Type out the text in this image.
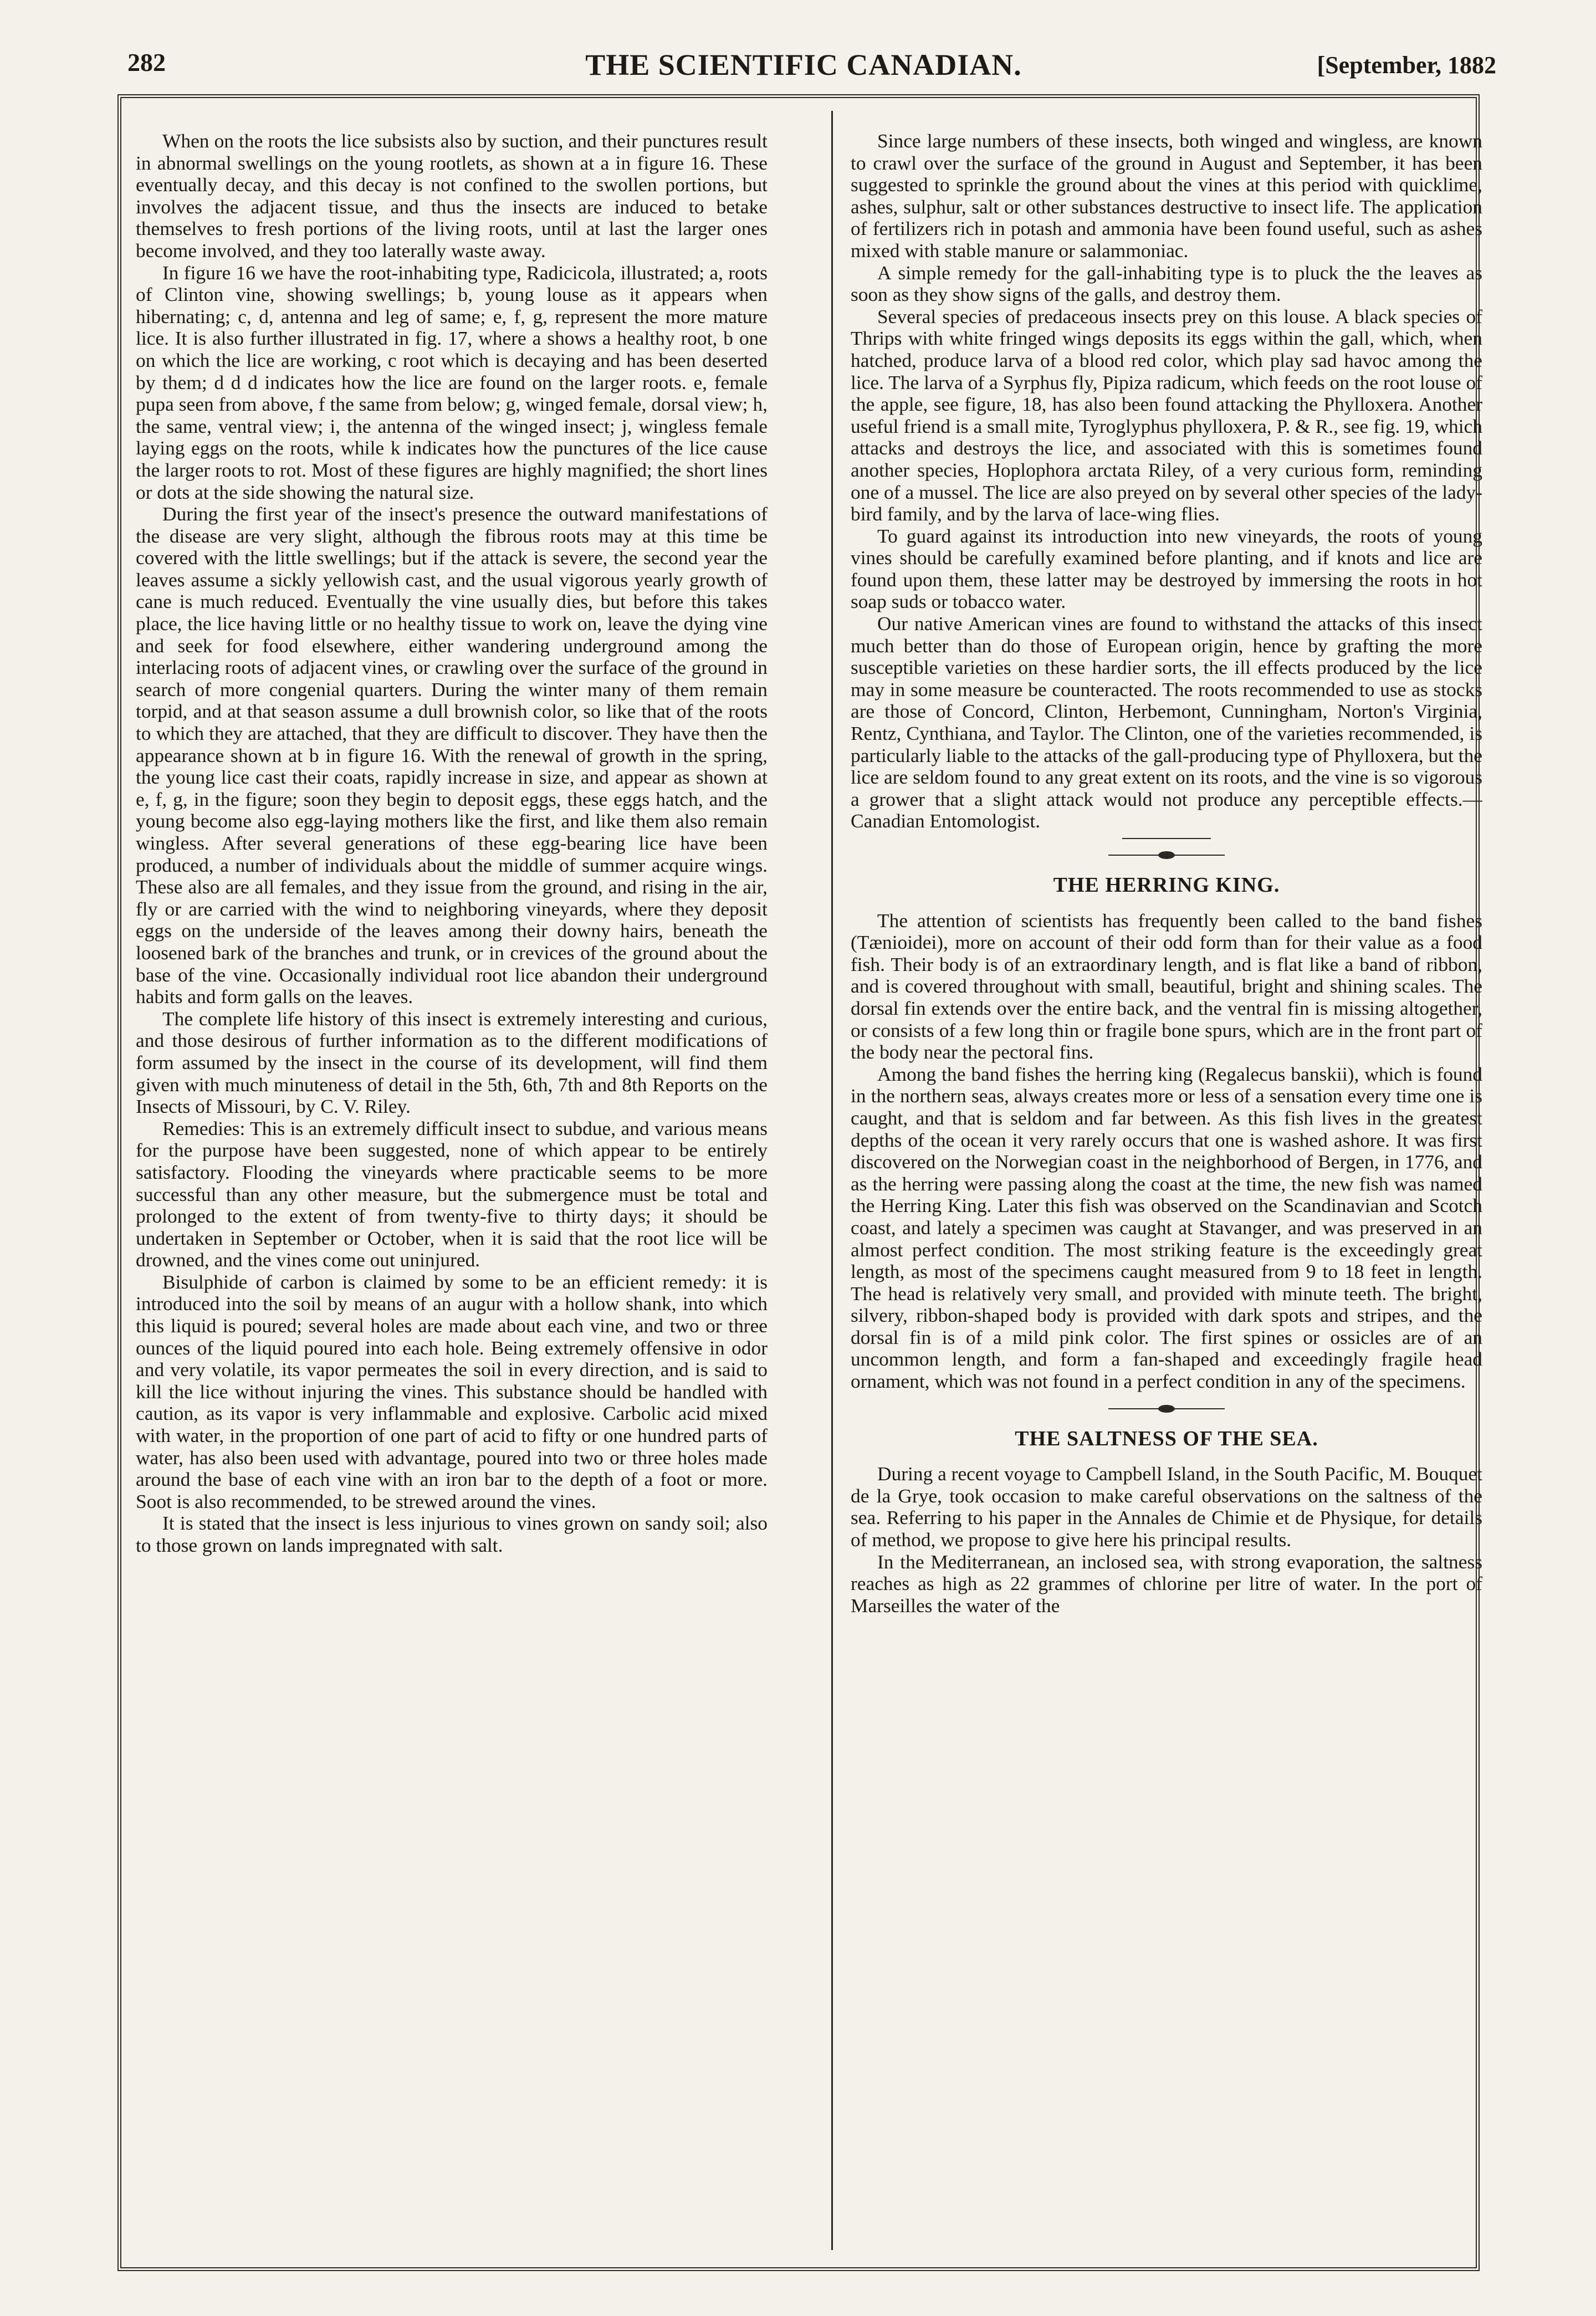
282	THE SCIENTIFIC CANADIAN.	[September, 1882

When on the roots the lice subsists also by suction, and their punctures result in abnormal swellings on the young rootlets, as shown at a in figure 16. These eventually decay, and this decay is not confined to the swollen portions, but involves the adjacent tissue, and thus the insects are induced to betake themselves to fresh portions of the living roots, until at last the larger ones become involved, and they too laterally waste away.

In figure 16 we have the root-inhabiting type, Radicicola, illustrated; a, roots of Clinton vine, showing swellings; b, young louse as it appears when hibernating; c, d, antenna and leg of same; e, f, g, represent the more mature lice. It is also further illustrated in fig. 17, where a shows a healthy root, b one on which the lice are working, c root which is decaying and has been deserted by them; d d d indicates how the lice are found on the larger roots. e, female pupa seen from above, f the same from below; g, winged female, dorsal view; h, the same, ventral view; i, the antenna of the winged insect; j, wingless female laying eggs on the roots, while k indicates how the punctures of the lice cause the larger roots to rot. Most of these figures are highly magnified; the short lines or dots at the side showing the natural size.

During the first year of the insect's presence the outward manifestations of the disease are very slight, although the fibrous roots may at this time be covered with the little swellings; but if the attack is severe, the second year the leaves assume a sickly yellowish cast, and the usual vigorous yearly growth of cane is much reduced. Eventually the vine usually dies, but before this takes place, the lice having little or no healthy tissue to work on, leave the dying vine and seek for food elsewhere, either wandering underground among the interlacing roots of adjacent vines, or crawling over the surface of the ground in search of more congenial quarters. During the winter many of them remain torpid, and at that season assume a dull brownish color, so like that of the roots to which they are attached, that they are difficult to discover. They have then the appearance shown at b in figure 16. With the renewal of growth in the spring, the young lice cast their coats, rapidly increase in size, and appear as shown at e, f, g, in the figure; soon they begin to deposit eggs, these eggs hatch, and the young become also egg-laying mothers like the first, and like them also remain wingless. After several generations of these egg-bearing lice have been produced, a number of individuals about the middle of summer acquire wings. These also are all females, and they issue from the ground, and rising in the air, fly or are carried with the wind to neighboring vineyards, where they deposit eggs on the underside of the leaves among their downy hairs, beneath the loosened bark of the branches and trunk, or in crevices of the ground about the base of the vine. Occasionally individual root lice abandon their underground habits and form galls on the leaves.

The complete life history of this insect is extremely interesting and curious, and those desirous of further information as to the different modifications of form assumed by the insect in the course of its development, will find them given with much minuteness of detail in the 5th, 6th, 7th and 8th Reports on the Insects of Missouri, by C. V. Riley.

Remedies: This is an extremely difficult insect to subdue, and various means for the purpose have been suggested, none of which appear to be entirely satisfactory. Flooding the vineyards where practicable seems to be more successful than any other measure, but the submergence must be total and prolonged to the extent of from twenty-five to thirty days; it should be undertaken in September or October, when it is said that the root lice will be drowned, and the vines come out uninjured.

Bisulphide of carbon is claimed by some to be an efficient remedy: it is introduced into the soil by means of an augur with a hollow shank, into which this liquid is poured; several holes are made about each vine, and two or three ounces of the liquid poured into each hole. Being extremely offensive in odor and very volatile, its vapor permeates the soil in every direction, and is said to kill the lice without injuring the vines. This substance should be handled with caution, as its vapor is very inflammable and explosive. Carbolic acid mixed with water, in the proportion of one part of acid to fifty or one hundred parts of water, has also been used with advantage, poured into two or three holes made around the base of each vine with an iron bar to the depth of a foot or more. Soot is also recommended, to be strewed around the vines.

It is stated that the insect is less injurious to vines grown on sandy soil; also to those grown on lands impregnated with salt.

Since large numbers of these insects, both winged and wingless, are known to crawl over the surface of the ground in August and September, it has been suggested to sprinkle the ground about the vines at this period with quicklime, ashes, sulphur, salt or other substances destructive to insect life. The application of fertilizers rich in potash and ammonia have been found useful, such as ashes mixed with stable manure or salammoniac.

A simple remedy for the gall-inhabiting type is to pluck the the leaves as soon as they show signs of the galls, and destroy them.

Several species of predaceous insects prey on this louse. A black species of Thrips with white fringed wings deposits its eggs within the gall, which, when hatched, produce larva of a blood red color, which play sad havoc among the lice. The larva of a Syrphus fly, Pipiza radicum, which feeds on the root louse of the apple, see figure, 18, has also been found attacking the Phylloxera. Another useful friend is a small mite, Tyroglyphus phylloxera, P. & R., see fig. 19, which attacks and destroys the lice, and associated with this is sometimes found another species, Hoplophora arctata Riley, of a very curious form, reminding one of a mussel. The lice are also preyed on by several other species of the lady-bird family, and by the larva of lace-wing flies.

To guard against its introduction into new vineyards, the roots of young vines should be carefully examined before planting, and if knots and lice are found upon them, these latter may be destroyed by immersing the roots in hot soap suds or tobacco water.

Our native American vines are found to withstand the attacks of this insect much better than do those of European origin, hence by grafting the more susceptible varieties on these hardier sorts, the ill effects produced by the lice may in some measure be counteracted. The roots recommended to use as stocks are those of Concord, Clinton, Herbemont, Cunningham, Norton's Virginia, Rentz, Cynthiana, and Taylor. The Clinton, one of the varieties recommended, is particularly liable to the attacks of the gall-producing type of Phylloxera, but the lice are seldom found to any great extent on its roots, and the vine is so vigorous a grower that a slight attack would not produce any perceptible effects.—Canadian Entomologist.

THE HERRING KING.

The attention of scientists has frequently been called to the band fishes (Tænioidei), more on account of their odd form than for their value as a food fish. Their body is of an extraordinary length, and is flat like a band of ribbon, and is covered throughout with small, beautiful, bright and shining scales. The dorsal fin extends over the entire back, and the ventral fin is missing altogether, or consists of a few long thin or fragile bone spurs, which are in the front part of the body near the pectoral fins.

Among the band fishes the herring king (Regalecus banskii), which is found in the northern seas, always creates more or less of a sensation every time one is caught, and that is seldom and far between. As this fish lives in the greatest depths of the ocean it very rarely occurs that one is washed ashore. It was first discovered on the Norwegian coast in the neighborhood of Bergen, in 1776, and as the herring were passing along the coast at the time, the new fish was named the Herring King. Later this fish was observed on the Scandinavian and Scotch coast, and lately a specimen was caught at Stavanger, and was preserved in an almost perfect condition. The most striking feature is the exceedingly great length, as most of the specimens caught measured from 9 to 18 feet in length. The head is relatively very small, and provided with minute teeth. The bright, silvery, ribbon-shaped body is provided with dark spots and stripes, and the dorsal fin is of a mild pink color. The first spines or ossicles are of an uncommon length, and form a fan-shaped and exceedingly fragile head ornament, which was not found in a perfect condition in any of the specimens.

THE SALTNESS OF THE SEA.

During a recent voyage to Campbell Island, in the South Pacific, M. Bouquet de la Grye, took occasion to make careful observations on the saltness of the sea. Referring to his paper in the Annales de Chimie et de Physique, for details of method, we propose to give here his principal results.

In the Mediterranean, an inclosed sea, with strong evaporation, the saltness reaches as high as 22 grammes of chlorine per litre of water. In the port of Marseilles the water of the
